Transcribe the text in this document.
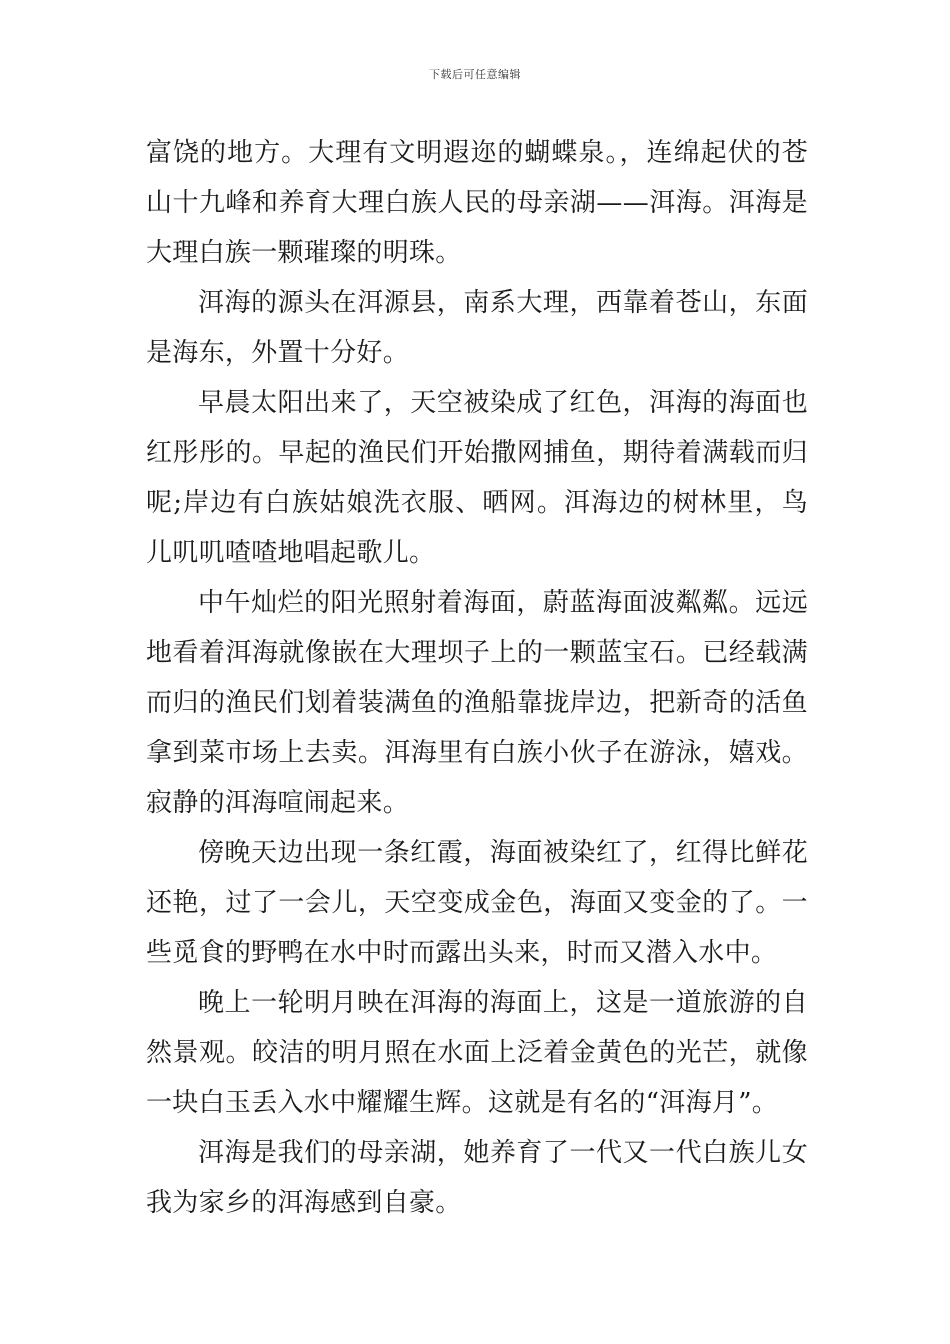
下载后可任意编辑

富饶的地方。大理有文明遐迩的蝴蝶泉。，连绵起伏的苍山十九峰和养育大理白族人民的母亲湖——洱海。洱海是大理白族一颗璀璨的明珠。

洱海的源头在洱源县，南系大理，西靠着苍山，东面是海东，外置十分好。

早晨太阳出来了，天空被染成了红色，洱海的海面也红彤彤的。早起的渔民们开始撒网捕鱼，期待着满载而归呢;岸边有白族姑娘洗衣服、晒网。洱海边的树林里，鸟儿叽叽喳喳地唱起歌儿。

中午灿烂的阳光照射着海面，蔚蓝海面波粼粼。远远地看着洱海就像嵌在大理坝子上的一颗蓝宝石。已经载满而归的渔民们划着装满鱼的渔船靠拢岸边，把新奇的活鱼拿到菜市场上去卖。洱海里有白族小伙子在游泳，嬉戏。寂静的洱海喧闹起来。

傍晚天边出现一条红霞，海面被染红了，红得比鲜花还艳，过了一会儿，天空变成金色，海面又变金的了。一些觅食的野鸭在水中时而露出头来，时而又潜入水中。

晚上一轮明月映在洱海的海面上，这是一道旅游的自然景观。皎洁的明月照在水面上泛着金黄色的光芒，就像一块白玉丢入水中耀耀生辉。这就是有名的“洱海月”。

洱海是我们的母亲湖，她养育了一代又一代白族儿女我为家乡的洱海感到自豪。
